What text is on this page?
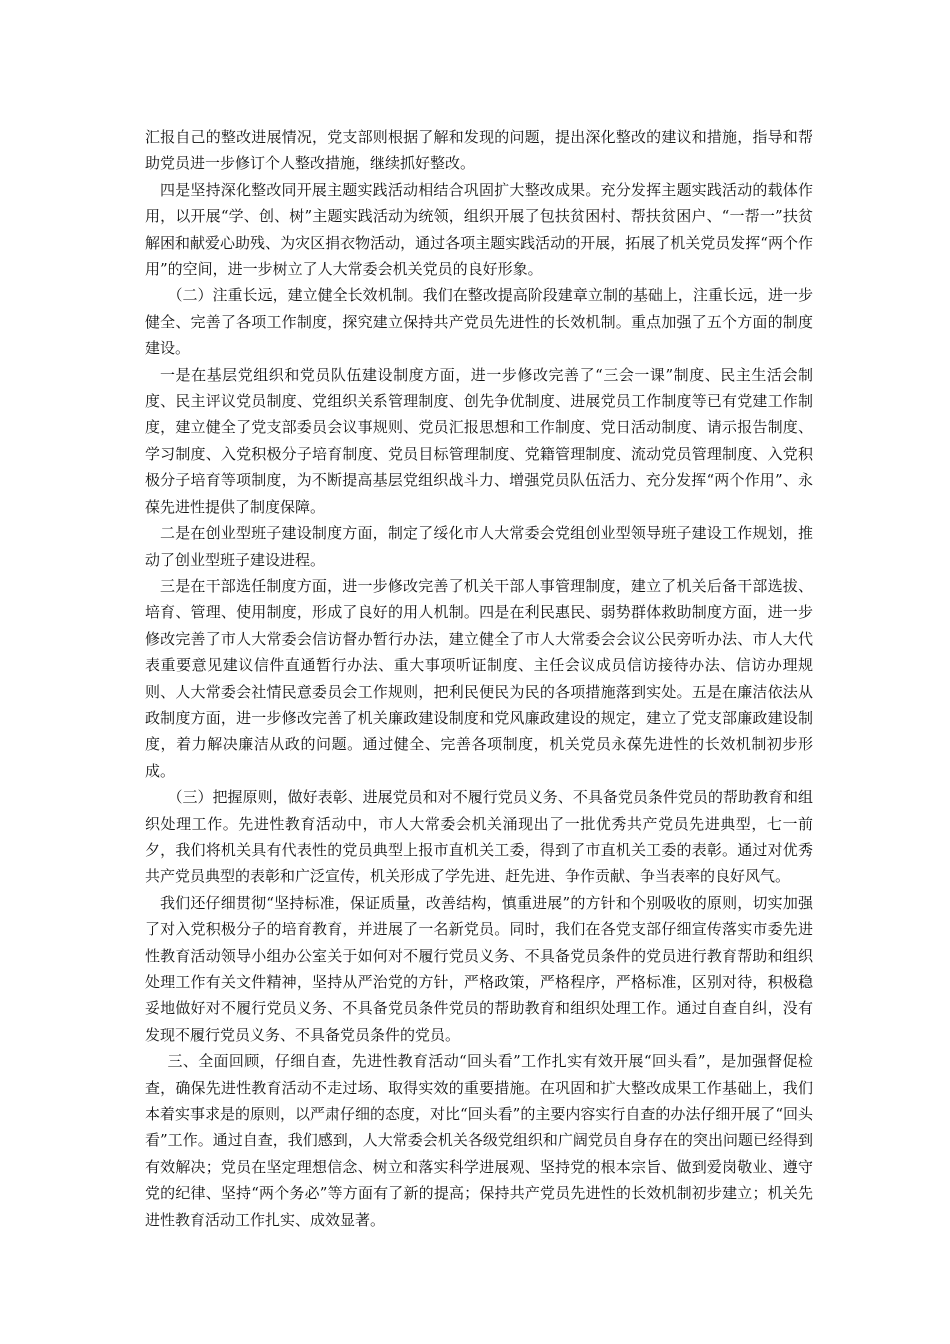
汇报自己的整改进展情况，党支部则根据了解和发现的问题，提出深化整改的建议和措施，指导和帮助党员进一步修订个人整改措施，继续抓好整改。

四是坚持深化整改同开展主题实践活动相结合巩固扩大整改成果。充分发挥主题实践活动的载体作用，以开展“学、创、树”主题实践活动为统领，组织开展了包扶贫困村、帮扶贫困户、“一帮一”扶贫解困和献爱心助残、为灾区捐衣物活动，通过各项主题实践活动的开展，拓展了机关党员发挥“两个作用”的空间，进一步树立了人大常委会机关党员的良好形象。

（二）注重长远，建立健全长效机制。我们在整改提高阶段建章立制的基础上，注重长远，进一步健全、完善了各项工作制度，探究建立保持共产党员先进性的长效机制。重点加强了五个方面的制度建设。

一是在基层党组织和党员队伍建设制度方面，进一步修改完善了“三会一课”制度、民主生活会制度、民主评议党员制度、党组织关系管理制度、创先争优制度、进展党员工作制度等已有党建工作制度，建立健全了党支部委员会议事规则、党员汇报思想和工作制度、党日活动制度、请示报告制度、学习制度、入党积极分子培育制度、党员目标管理制度、党籍管理制度、流动党员管理制度、入党积极分子培育等项制度，为不断提高基层党组织战斗力、增强党员队伍活力、充分发挥“两个作用”、永葆先进性提供了制度保障。

二是在创业型班子建设制度方面，制定了绥化市人大常委会党组创业型领导班子建设工作规划，推动了创业型班子建设进程。

三是在干部选任制度方面，进一步修改完善了机关干部人事管理制度，建立了机关后备干部选拔、培育、管理、使用制度，形成了良好的用人机制。四是在利民惠民、弱势群体救助制度方面，进一步修改完善了市人大常委会信访督办暂行办法，建立健全了市人大常委会会议公民旁听办法、市人大代表重要意见建议信件直通暂行办法、重大事项听证制度、主任会议成员信访接待办法、信访办理规则、人大常委会社情民意委员会工作规则，把利民便民为民的各项措施落到实处。五是在廉洁依法从政制度方面，进一步修改完善了机关廉政建设制度和党风廉政建设的规定，建立了党支部廉政建设制度，着力解决廉洁从政的问题。通过健全、完善各项制度，机关党员永葆先进性的长效机制初步形成。

（三）把握原则，做好表彰、进展党员和对不履行党员义务、不具备党员条件党员的帮助教育和组织处理工作。先进性教育活动中，市人大常委会机关涌现出了一批优秀共产党员先进典型，七一前夕，我们将机关具有代表性的党员典型上报市直机关工委，得到了市直机关工委的表彰。通过对优秀共产党员典型的表彰和广泛宣传，机关形成了学先进、赶先进、争作贡献、争当表率的良好风气。

我们还仔细贯彻“坚持标准，保证质量，改善结构，慎重进展”的方针和个别吸收的原则，切实加强了对入党积极分子的培育教育，并进展了一名新党员。同时，我们在各党支部仔细宣传落实市委先进性教育活动领导小组办公室关于如何对不履行党员义务、不具备党员条件的党员进行教育帮助和组织处理工作有关文件精神，坚持从严治党的方针，严格政策，严格程序，严格标准，区别对待，积极稳妥地做好对不履行党员义务、不具备党员条件党员的帮助教育和组织处理工作。通过自查自纠，没有发现不履行党员义务、不具备党员条件的党员。

三、全面回顾，仔细自查，先进性教育活动“回头看”工作扎实有效开展“回头看”，是加强督促检查，确保先进性教育活动不走过场、取得实效的重要措施。在巩固和扩大整改成果工作基础上，我们本着实事求是的原则，以严肃仔细的态度，对比“回头看”的主要内容实行自查的办法仔细开展了“回头看”工作。通过自查，我们感到，人大常委会机关各级党组织和广阔党员自身存在的突出问题已经得到有效解决；党员在坚定理想信念、树立和落实科学进展观、坚持党的根本宗旨、做到爱岗敬业、遵守党的纪律、坚持“两个务必”等方面有了新的提高；保持共产党员先进性的长效机制初步建立；机关先进性教育活动工作扎实、成效显著。
